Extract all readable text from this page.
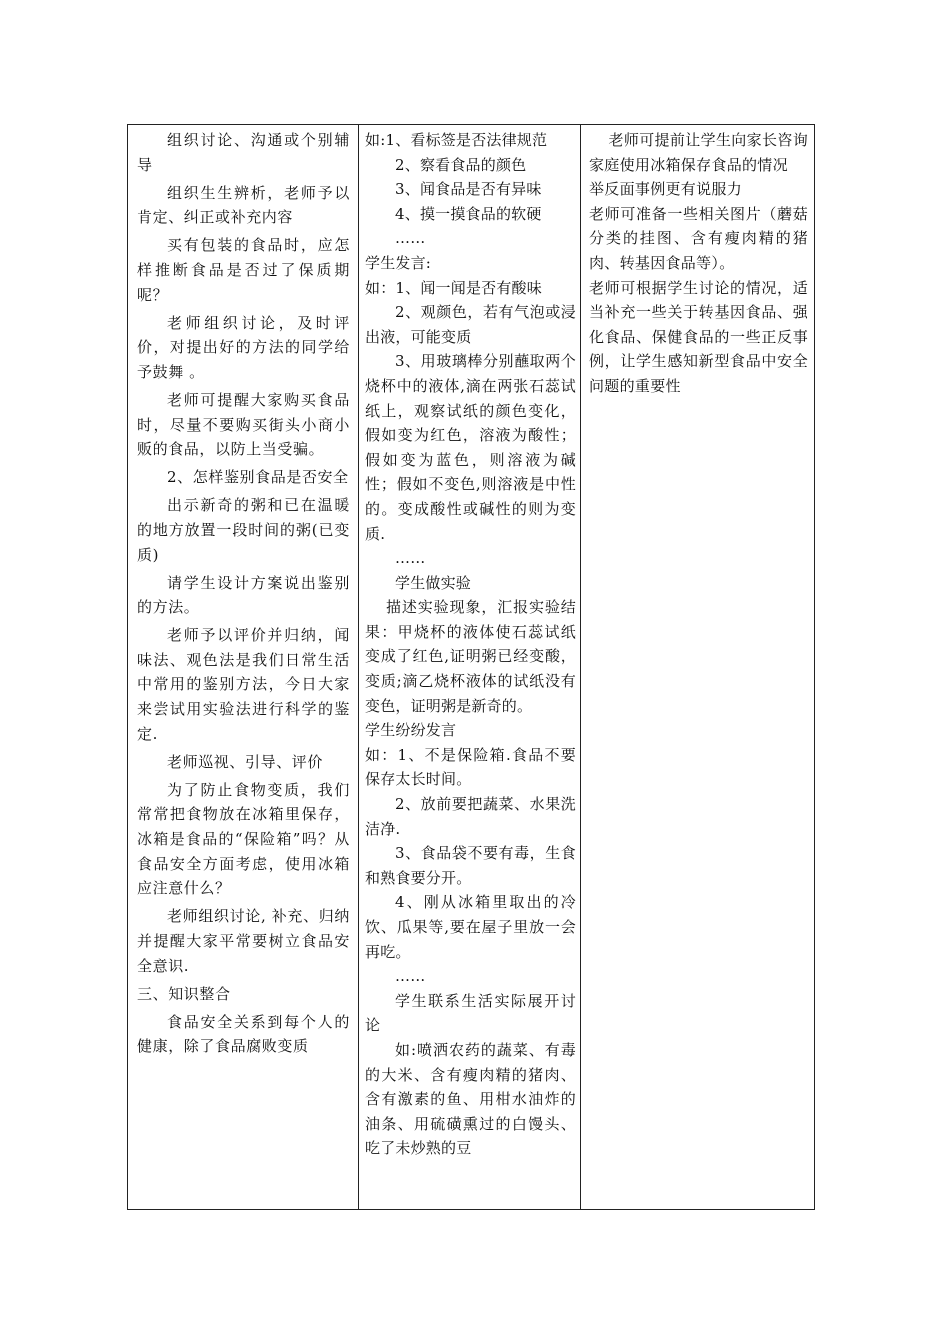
组织讨论、沟通或个别辅导

组织生生辨析，老师予以肯定、纠正或补充内容

买有包装的食品时，应怎样推断食品是否过了保质期呢？

老师组织讨论，及时评价，对提出好的方法的同学给予鼓舞 。

老师可提醒大家购买食品时，尽量不要购买街头小商小贩的食品，以防上当受骗。

2、怎样鉴别食品是否安全

出示新奇的粥和已在温暖的地方放置一段时间的粥(已变质)

请学生设计方案说出鉴别的方法。

老师予以评价并归纳，闻味法、观色法是我们日常生活中常用的鉴别方法，今日大家来尝试用实验法进行科学的鉴定.

老师巡视、引导、评价

为了防止食物变质，我们常常把食物放在冰箱里保存，冰箱是食品的“保险箱”吗？从食品安全方面考虑，使用冰箱应注意什么？

老师组织讨论, 补充、归纳并提醒大家平常要树立食品安全意识.

三、知识整合

食品安全关系到每个人的健康，除了食品腐败变质

如:1、看标签是否法律规范

2、察看食品的颜色

3、闻食品是否有异味

4、摸一摸食品的软硬

……

学生发言:

如：1、闻一闻是否有酸味

2、观颜色，若有气泡或浸出液，可能变质

3、用玻璃棒分别蘸取两个烧杯中的液体,滴在两张石蕊试纸上，观察试纸的颜色变化，假如变为红色，溶液为酸性；假如变为蓝色，则溶液为碱性；假如不变色,则溶液是中性的。变成酸性或碱性的则为变质.

……

学生做实验

描述实验现象，汇报实验结果：甲烧杯的液体使石蕊试纸变成了红色,证明粥已经变酸，变质;滴乙烧杯液体的试纸没有变色，证明粥是新奇的。

学生纷纷发言

如：1、不是保险箱.食品不要保存太长时间。

2、放前要把蔬菜、水果洗洁净.

3、食品袋不要有毒，生食和熟食要分开。

4、刚从冰箱里取出的冷饮、瓜果等,要在屋子里放一会再吃。

……

学生联系生活实际展开讨论

如:喷洒农药的蔬菜、有毒的大米、含有瘦肉精的猪肉、含有激素的鱼、用柑水油炸的油条、用硫磺熏过的白馒头、吃了未炒熟的豆

老师可提前让学生向家长咨询家庭使用冰箱保存食品的情况

举反面事例更有说服力

老师可准备一些相关图片（蘑菇分类的挂图、含有瘦肉精的猪肉、转基因食品等）。

老师可根据学生讨论的情况，适当补充一些关于转基因食品、强化食品、保健食品的一些正反事例，让学生感知新型食品中安全问题的重要性
